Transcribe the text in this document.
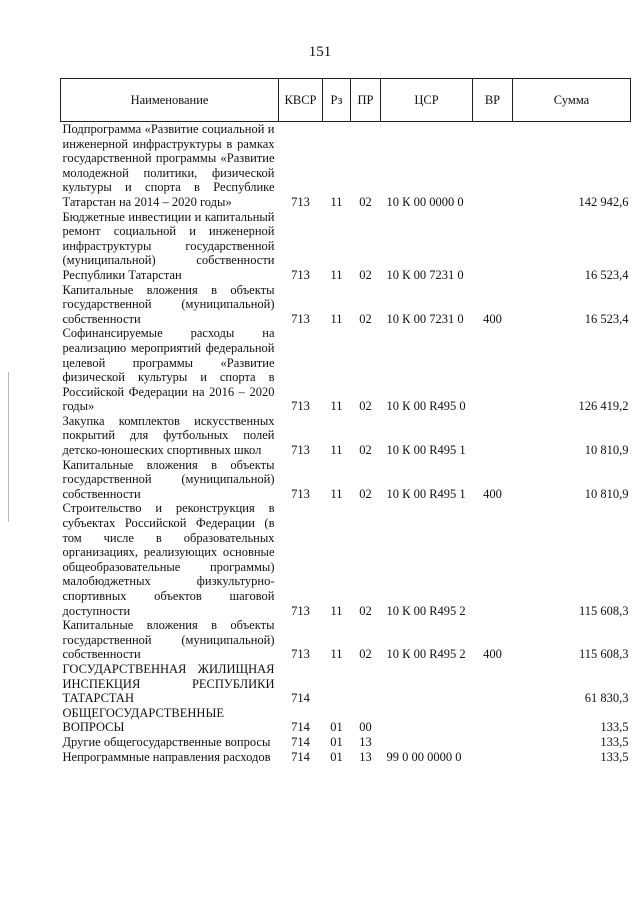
151
Наименование	КВСР	Рз	ПР	ЦСР	ВР	Сумма
Подпрограмма «Развитие социальной и инженерной инфраструктуры в рамках государственной программы «Развитие молодежной политики, физической культуры и спорта в Республике Татарстан на 2014 – 2020 годы»	713	11	02	10 К 00 0000 0		142 942,6
Бюджетные инвестиции и капитальный ремонт социальной и инженерной инфраструктуры государственной (муниципальной) собственности Республики Татарстан	713	11	02	10 К 00 7231 0		16 523,4
Капитальные вложения в объекты государственной (муниципальной) собственности	713	11	02	10 К 00 7231 0	400	16 523,4
Софинансируемые расходы на реализацию мероприятий федеральной целевой программы «Развитие физической культуры и спорта в Российской Федерации на 2016 – 2020 годы»	713	11	02	10 К 00 R495 0		126 419,2
Закупка комплектов искусственных покрытий для футбольных полей детско-юношеских спортивных школ	713	11	02	10 К 00 R495 1		10 810,9
Капитальные вложения в объекты государственной (муниципальной) собственности	713	11	02	10 К 00 R495 1	400	10 810,9
Строительство и реконструкция в субъектах Российской Федерации (в том числе в образовательных организациях, реализующих основные общеобразовательные программы) малобюджетных физкультурно-спортивных объектов шаговой доступности	713	11	02	10 К 00 R495 2		115 608,3
Капитальные вложения в объекты государственной (муниципальной) собственности	713	11	02	10 К 00 R495 2	400	115 608,3
ГОСУДАРСТВЕННАЯ ЖИЛИЩНАЯ ИНСПЕКЦИЯ РЕСПУБЛИКИ ТАТАРСТАН	714					61 830,3
ОБЩЕГОСУДАРСТВЕННЫЕ ВОПРОСЫ	714	01	00			133,5
Другие общегосударственные вопросы	714	01	13			133,5
Непрограммные направления расходов	714	01	13	99 0 00 0000 0		133,5
